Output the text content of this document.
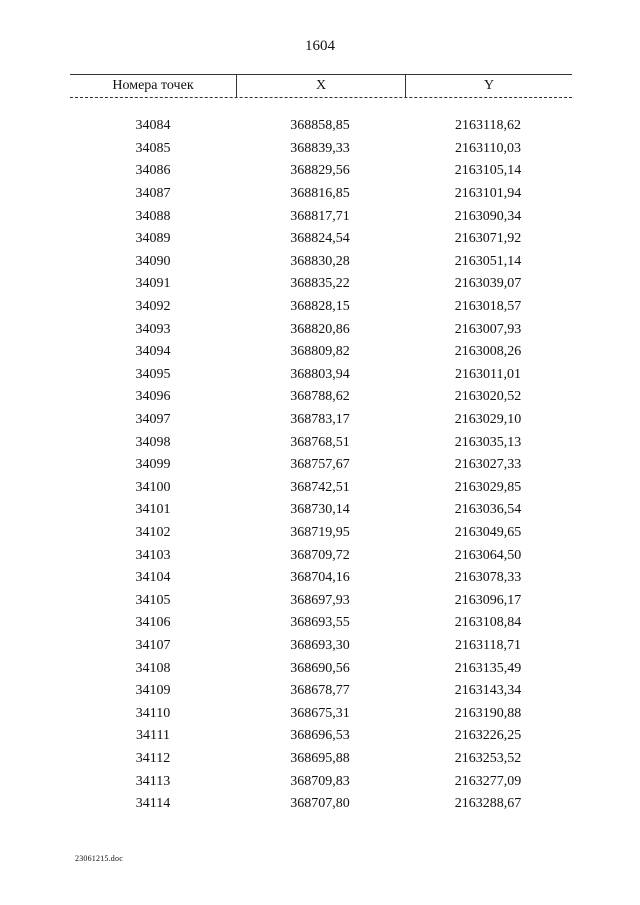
1604
Номера точек	X	Y
34084	368858,85	2163118,62
34085	368839,33	2163110,03
34086	368829,56	2163105,14
34087	368816,85	2163101,94
34088	368817,71	2163090,34
34089	368824,54	2163071,92
34090	368830,28	2163051,14
34091	368835,22	2163039,07
34092	368828,15	2163018,57
34093	368820,86	2163007,93
34094	368809,82	2163008,26
34095	368803,94	2163011,01
34096	368788,62	2163020,52
34097	368783,17	2163029,10
34098	368768,51	2163035,13
34099	368757,67	2163027,33
34100	368742,51	2163029,85
34101	368730,14	2163036,54
34102	368719,95	2163049,65
34103	368709,72	2163064,50
34104	368704,16	2163078,33
34105	368697,93	2163096,17
34106	368693,55	2163108,84
34107	368693,30	2163118,71
34108	368690,56	2163135,49
34109	368678,77	2163143,34
34110	368675,31	2163190,88
34111	368696,53	2163226,25
34112	368695,88	2163253,52
34113	368709,83	2163277,09
34114	368707,80	2163288,67
23061215.doc
